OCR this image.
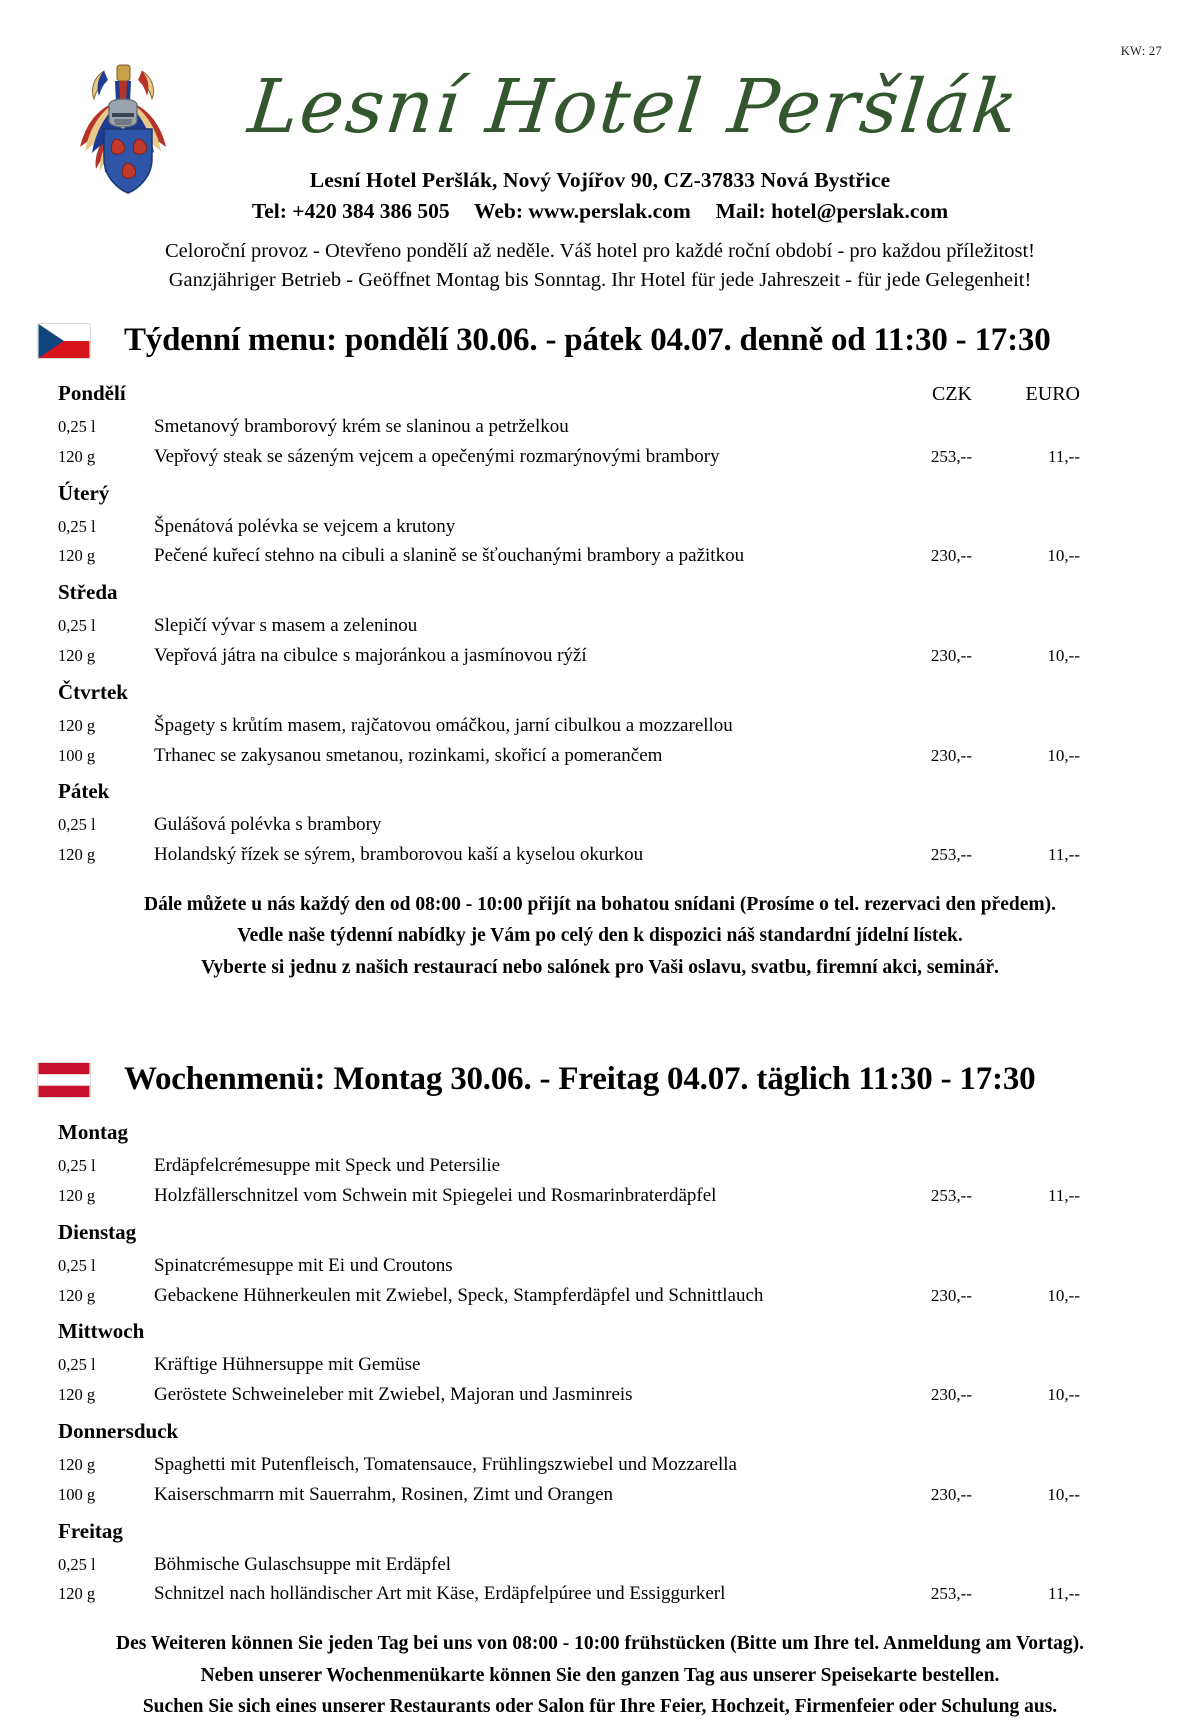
KW: 27
Lesní Hotel Peršlák
Lesní Hotel Peršlák, Nový Vojířov 90, CZ-37833 Nová Bystřice
Tel: +420 384 386 505 Web: www.perslak.com Mail: hotel@perslak.com
Celoroční provoz - Otevřeno pondělí až neděle. Váš hotel pro každé roční období - pro každou příležitost!
Ganzjähriger Betrieb - Geöffnet Montag bis Sonntag. Ihr Hotel für jede Jahreszeit - für jede Gelegenheit!
Týdenní menu: pondělí 30.06. - pátek 04.07. denně od 11:30 - 17:30
Pondělí		CZK	EURO
0,25 l	Smetanový bramborový krém se slaninou a petrželkou		
120 g	Vepřový steak se sázeným vejcem a opečenými rozmarýnovými brambory	253,--	11,--
Úterý			
0,25 l	Špenátová polévka se vejcem a krutony		
120 g	Pečené kuřecí stehno na cibuli a slanině se šťouchanými brambory a pažitkou	230,--	10,--
Středa			
0,25 l	Slepičí vývar s masem a zeleninou		
120 g	Vepřová játra na cibulce s majoránkou a jasmínovou rýží	230,--	10,--
Čtvrtek			
120 g	Špagety s krůtím masem, rajčatovou omáčkou, jarní cibulkou a mozzarellou		
100 g	Trhanec se zakysanou smetanou, rozinkami, skořicí a pomerančem	230,--	10,--
Pátek			
0,25 l	Gulášová polévka s brambory		
120 g	Holandský řízek se sýrem, bramborovou kaší a kyselou okurkou	253,--	11,--

Dále můžete u nás každý den od 08:00 - 10:00 přijít na bohatou snídani (Prosíme o tel. rezervaci den předem).

Vedle naše týdenní nabídky je Vám po celý den k dispozici náš standardní jídelní lístek.

Vyberte si jednu z našich restaurací nebo salónek pro Vaši oslavu, svatbu, firemní akci, seminář.

Wochenmenü: Montag 30.06. - Freitag 04.07. täglich 11:30 - 17:30
Montag			
0,25 l	Erdäpfelcrémesuppe mit Speck und Petersilie		
120 g	Holzfällerschnitzel vom Schwein mit Spiegelei und Rosmarinbraterdäpfel	253,--	11,--
Dienstag			
0,25 l	Spinatcrémesuppe mit Ei und Croutons		
120 g	Gebackene Hühnerkeulen mit Zwiebel, Speck, Stampferdäpfel und Schnittlauch	230,--	10,--
Mittwoch			
0,25 l	Kräftige Hühnersuppe mit Gemüse		
120 g	Geröstete Schweineleber mit Zwiebel, Majoran und Jasminreis	230,--	10,--
Donnersduck			
120 g	Spaghetti mit Putenfleisch, Tomatensauce, Frühlingszwiebel und Mozzarella		
100 g	Kaiserschmarrn mit Sauerrahm, Rosinen, Zimt und Orangen	230,--	10,--
Freitag			
0,25 l	Böhmische Gulaschsuppe mit Erdäpfel		
120 g	Schnitzel nach holländischer Art mit Käse, Erdäpfelpúree und Essiggurkerl	253,--	11,--

Des Weiteren können Sie jeden Tag bei uns von 08:00 - 10:00 frühstücken (Bitte um Ihre tel. Anmeldung am Vortag).

Neben unserer Wochenmenükarte können Sie den ganzen Tag aus unserer Speisekarte bestellen.

Suchen Sie sich eines unserer Restaurants oder Salon für Ihre Feier, Hochzeit, Firmenfeier oder Schulung aus.
